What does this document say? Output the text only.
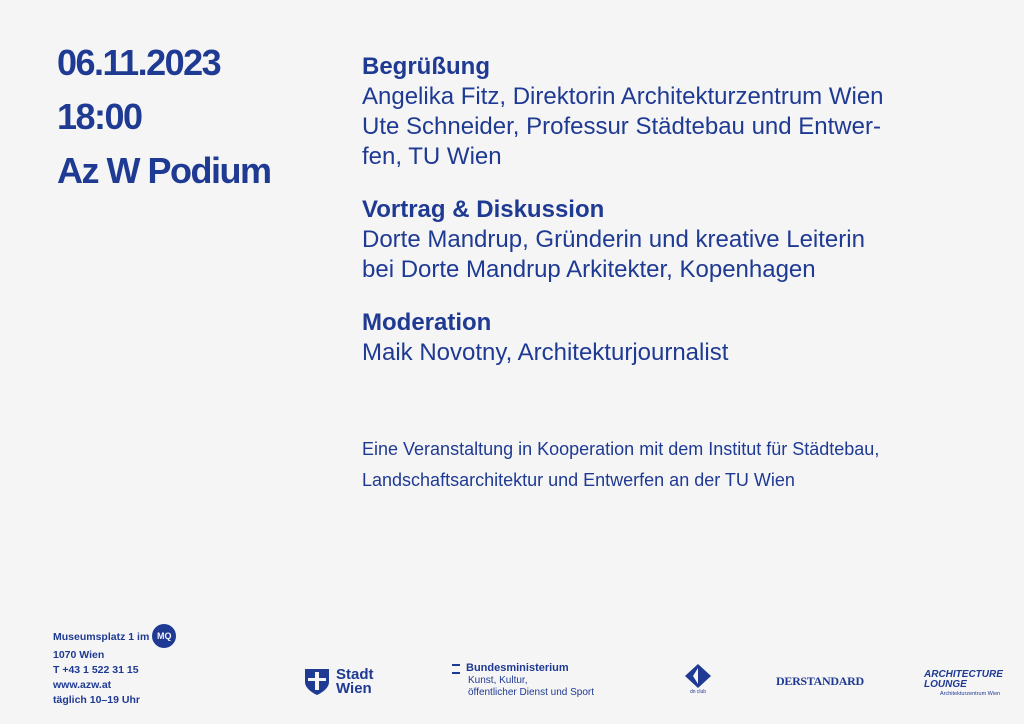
06.11.2023
18:00
Az W Podium
Begrüßung
Angelika Fitz, Direktorin Architekturzentrum Wien
Ute Schneider, Professur Städtebau und Entwer-
fen, TU Wien
Vortrag & Diskussion
Dorte Mandrup, Gründerin und kreative Leiterin
bei Dorte Mandrup Arkitekter, Kopenhagen
Moderation
Maik Novotny, Architekturjournalist
Eine Veranstaltung in Kooperation mit dem Institut für Städtebau,
Landschaftsarchitektur und Entwerfen an der TU Wien
Museumsplatz 1 im MQ
1070 Wien
T +43 1 522 31 15
www.azw.at
täglich 10–19 Uhr
Stadt
Wien
Bundesministerium
Kunst, Kultur,
öffentlicher Dienst und Sport	dn club
DERSTANDARD	ARCHITECTURE
LOUNGE
Architekturzentrum Wien
